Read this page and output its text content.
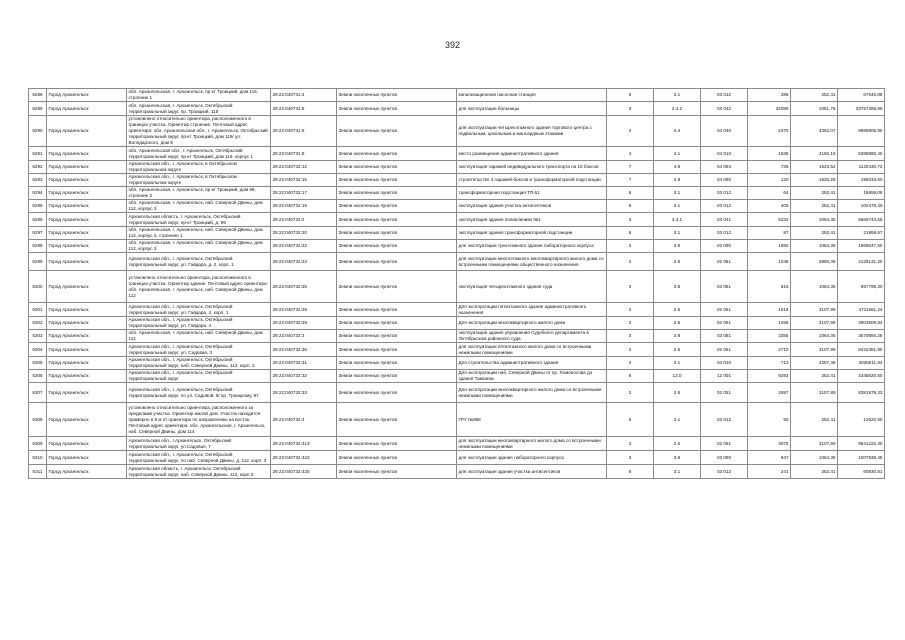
392
6288	Город Архангельск	обл. Архангельская, г. Архангельск, пр-кт Троицкий, дом 115, строение 1	29:22:040731:4	Земли населенных пунктов	канализационная насосная станция	6	3.1	03 012	288	252,41	67645,88
6289	Город Архангельск	обл. Архангельская, г. Архангельск, Октябрьский территориальный округ, пр. Троицкий, 115	29:22:040731:5	Земли населенных пунктов	для эксплуатации больницы	3	3.4.2	03 042	32098	1051,76	33757288,96
6290	Город Архангельск	установлено относительно ориентира, расположенного в границах участка. Ориентир строение. Почтовый адрес ориентира: обл. Архангельская обл., г. Архангельск, Октябрьский территориальный округ, пр-кт Троицкий, дом 119/ ул. Володарского, дом 8	29:22:040731:6	Земли населенных пунктов	для эксплуатации четырехэтажного здания торгового центра с подвальным, цокольным и мансардным этажами	4	4.4	04 040	2370	4362,07	9958905,90
6291	Город Архангельск	обл. Архангельская обл., г. Архангельск, Октябрьский территориальный округ, пр-кт Троицкий, дом 119, корпус 1	29:22:040731:8	Земли населенных пунктов	место размещения административного здания	4	4.1	04 010	1536	4160,15	6389990,40
6292	Город Архангельск	Архангельская обл., г. Архангельск, в Октябрьском территориальном округе	29:22:040732:12	Земли населенных пунктов	эксплуатация гаражей индивидуального транспорта на 15 боксов	7	4.9	04 093	736	1523,52	1120430,72
6293	Город Архангельск	Архангельская обл., г. Архангельск, в Октябрьском территориальном округе	29:22:040732:15	Земли населенных пунктов	строительство 4 гаражей-боксов и трансформаторной подстанции	7	4.9	04 090	120	1625,28	195033,60
6294	Город Архангельск	обл. Архангельская, г. Архангельск, пр-кт Троицкий, дом 99, строение 2	29:22:040732:17	Земли населенных пунктов	трансформаторная подстанция ТП-51	6	3.1	03 012	64	252,41	16659,06
6295	Город Архангельск	обл. Архангельская, г. Архангельск, наб. Северной Двины, дом 112, корпус 3	29:22:040732:19	Земли населенных пунктов	эксплуатация здания участка антисептиков	6	3.1	03 012	405	252,41	102478,46
6296	Город Архангельск	Архангельская область, г. Архангельск, Октябрьский территориальный округ, пр-кт Троицкий, д. 99	29:22:040732:2	Земли населенных пунктов	эксплуатация здания поликлиники №1	3	3.4.1	03 041	5233	1064,35	5569743,55
6297	Город Архангельск	обл. Архангельская, г. Архангельск, наб. Северной Двины, дом 112, корпус 3, строение 1	29:22:040732:20	Земли населенных пунктов	эксплуатация здания трансформаторной подстанции	6	3.1	03 012	87	252,41	21959,67
6298	Город Архангельск	обл. Архангельская, г. Архангельск, наб. Северной Двины, дом 112, корпус 3	29:22:040732:22	Земли населенных пунктов	для эксплуатации трехэтажного здания лабораторного корпуса	3	3.9	03 090	1850	1064,35	1969047,50
6299	Город Архангельск	Архангельская обл., г. Архангельск, Октябрьский территориальный округ, ул. Гайдара, д. 2, корп. 1	29:22:040732:24	Земли населенных пунктов	для эксплуатации многоэтажного многоквартирного жилого дома со встроенными помещениями общественного назначения	2	2.6	02 061	1045	3950,36	4128131,20
6300	Город Архангельск	установлено относительно ориентира, расположенного в границах участка. Ориентир здание. Почтовый адрес ориентира: обл. Архангельская, г. Архангельск, наб. Северной Двины, дом 112	29:22:040732:25	Земли населенных пунктов	эксплуатация четырехэтажного здания суда	3	3.8	03 081	616	1064,35	657799,30
6301	Город Архангельск	Архангельская обл., г. Архангельск, Октябрьский территориальный округ, ул. Гайдара, 4, корп. 1	29:22:040732:28	Земли населенных пунктов	Для эксплуатации пятиэтажного здания административного назначения	2	2.5	02 051	1516	3107,89	4711561,24
6302	Город Архангельск	Архангельская обл., г. Архангельск, Октябрьский территориальный округ, ул. Гайдара, 4	29:22:040732:29	Земли населенных пунктов	Для эксплуатации многоквартирного жилого дома	2	2.5	02 051	1256	3107,89	3903509,84
6303	Город Архангельск	обл. Архангельская, г. Архангельск, наб. Северной Двины, дом 112	29:22:040732:3	Земли населенных пунктов	эксплуатация здания управления Судебного департамента в Октябрьском районного суда	3	3.8	03 081	3355	1064,35	3570894,25
6304	Город Архангельск	Архангельская обл., г. Архангельск, Октябрьский территориальный округ, ул. Садовая, 3	29:22:040732:30	Земли населенных пунктов	для эксплуатации пятиэтажного жилого дома со встроенными нежилыми помещениями	2	2.5	02 051	2710	3107,89	8422381,90
6305	Город Архангельск	Архангельская обл., г. Архангельск, Октябрьский территориальный округ, наб. Северной Двины, 112, корп. 2	29:22:040732:31	Земли населенных пунктов	Для строительства административного здания	4	4.1	04 010	713	4257,38	3035511,94
6306	Город Архангельск	Архангельская обл., г. Архангельск, Октябрьский территориальный округ	29:22:040732:32	Земли населенных пунктов	Для эксплуатации наб. Северной Двины от пр. Ломоносова до здания Таможни	6	12.0	12 001	9293	252,41	2345620,50
6307	Город Архангельск	Архангельская обл., г. Архангельск, Октябрьский территориальный округ, по ул. Садовой, 5/ пр. Троицкому, 97	29:22:040732:33	Земли населенных пунктов	Для эксплуатации многоквартирного жилого дома со встроенными нежилыми помещениями	2	2.5	02 051	2697	3107,89	8381979,33
6308	Город Архангельск	установлено относительно ориентира, расположенного за пределами участка. Ориентир жилой дом. Участок находится примерно в 9 м от ориентира по направлению на восток. Почтовый адрес ориентира: обл. Архангельская, г. Архангельск, наб. Северной Двины, дом 114	29:22:040732:4	Земли населенных пунктов	ГРУ №958	6	3.1	03 012	50	252,41	12620,50
6309	Город Архангельск	Архангельская обл., г.Архангельск, Октябрьский территориальный округ, ул.Садовая, 7	29:22:040732:413	Земли населенных пунктов	для эксплуатации многоквартирного жилого дома со встроенными нежилыми помещениями	2	2.5	02 051	3070	3107,89	9541222,30
6310	Город Архангельск	Архангельская обл., г. Архангельск, Октябрьский территориальный округ, по наб. Северной Двины, д. 112, корп. 3	29:22:040732:422	Земли населенных пунктов	для эксплуатации здания лабораторного корпуса	3	3.9	03 090	947	1064,35	1007939,45
6311	Город Архангельск	Архангельская область, г. Архангельск, Октябрьский территориальный округ, наб. Северной Двины, 112, корп.3	29:22:040732:425	Земли населенных пунктов	для эксплуатации здания участка антисептиков	6	3.1	03 012	241	252,41	60830,81
